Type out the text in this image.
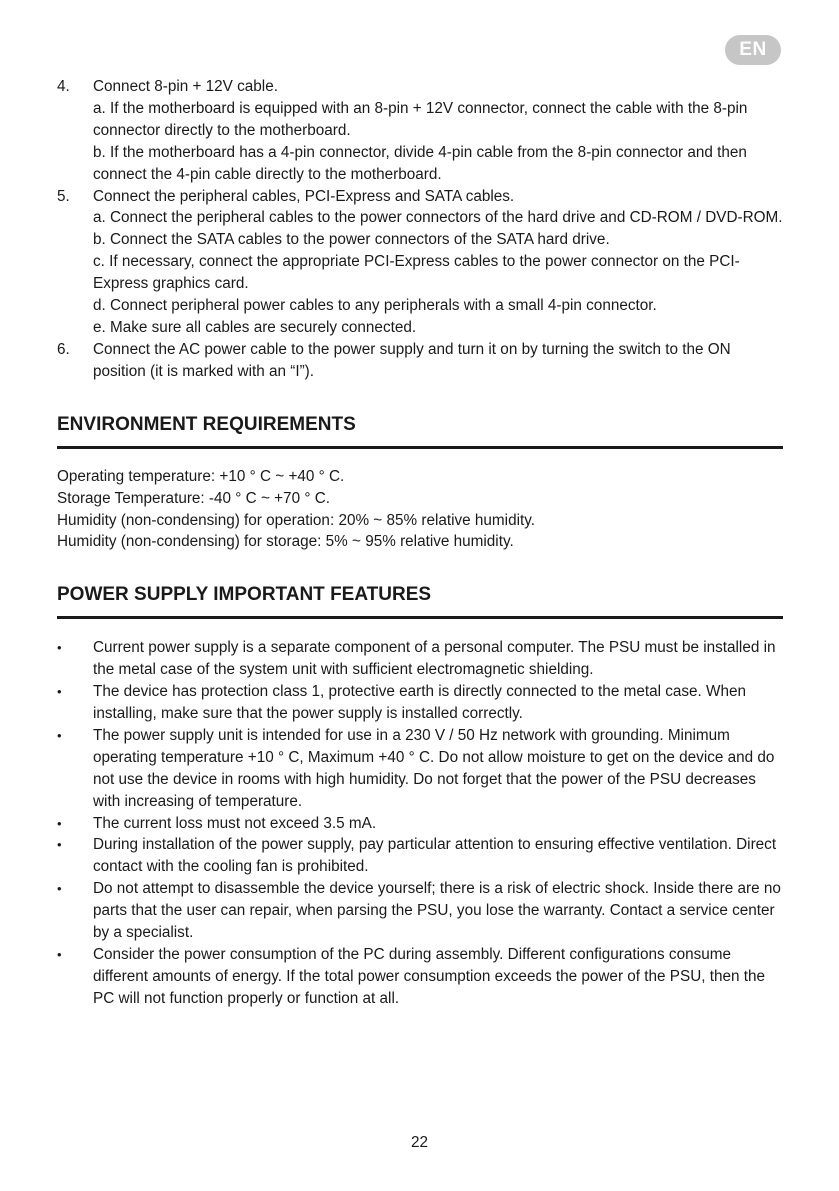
EN
4. Connect 8-pin + 12V cable.
a. If the motherboard is equipped with an 8-pin + 12V connector, connect the cable with the 8-pin connector directly to the motherboard.
b. If the motherboard has a 4-pin connector, divide 4-pin cable from the 8-pin connector and then connect the 4-pin cable directly to the motherboard.
5. Connect the peripheral cables, PCI-Express and SATA cables.
a. Connect the peripheral cables to the power connectors of the hard drive and CD-ROM / DVD-ROM.
b. Connect the SATA cables to the power connectors of the SATA hard drive.
c. If necessary, connect the appropriate PCI-Express cables to the power connector on the PCI-Express graphics card.
d. Connect peripheral power cables to any peripherals with a small 4-pin connector.
e. Make sure all cables are securely connected.
6. Connect the AC power cable to the power supply and turn it on by turning the switch to the ON position (it is marked with an “I”).
ENVIRONMENT REQUIREMENTS
Operating temperature: +10 ° C ~ +40 ° C.
Storage Temperature: -40 ° C ~ +70 ° C.
Humidity (non-condensing) for operation: 20% ~ 85% relative humidity.
Humidity (non-condensing) for storage: 5% ~ 95% relative humidity.
POWER SUPPLY IMPORTANT FEATURES
• Current power supply is a separate component of a personal computer. The PSU must be installed in the metal case of the system unit with sufficient electromagnetic shielding.
• The device has protection class 1, protective earth is directly connected to the metal case. When installing, make sure that the power supply is installed correctly.
• The power supply unit is intended for use in a 230 V / 50 Hz network with grounding. Minimum operating temperature +10 ° C, Maximum +40 ° C. Do not allow moisture to get on the device and do not use the device in rooms with high humidity. Do not forget that the power of the PSU decreases with increasing of temperature.
• The current loss must not exceed 3.5 mA.
• During installation of the power supply, pay particular attention to ensuring effective ventilation. Direct contact with the cooling fan is prohibited.
• Do not attempt to disassemble the device yourself; there is a risk of electric shock. Inside there are no parts that the user can repair, when parsing the PSU, you lose the warranty. Contact a service center by a specialist.
• Consider the power consumption of the PC during assembly. Different configurations consume different amounts of energy. If the total power consumption exceeds the power of the PSU, then the PC will not function properly or function at all.
22
